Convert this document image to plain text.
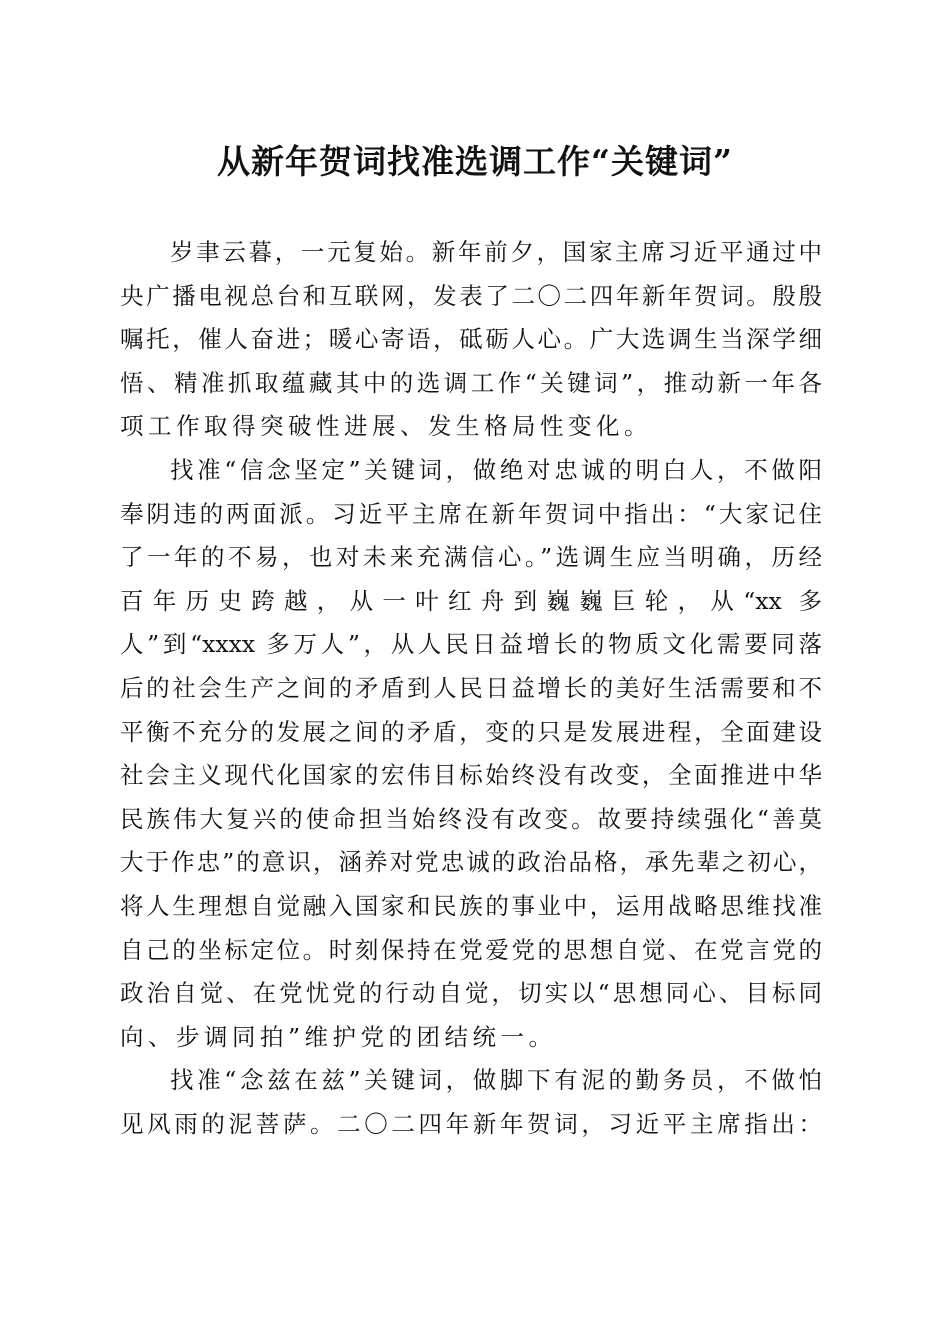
从新年贺词找准选调工作“关键词”
岁聿云暮，一元复始。新年前夕，国家主席习近平通过中
央广播电视总台和互联网，发表了二〇二四年新年贺词。殷殷
嘱托，催人奋进；暖心寄语，砥砺人心。广大选调生当深学细
悟、精准抓取蕴藏其中的选调工作“关键词”，推动新一年各
项工作取得突破性进展、发生格局性变化。
找准“信念坚定”关键词，做绝对忠诚的明白人，不做阳
奉阴违的两面派。习近平主席在新年贺词中指出：“大家记住
了一年的不易，也对未来充满信心。”选调生应当明确，历经
百年历史跨越，从一叶红舟到巍巍巨轮，从“xx 多
人”到“xxxx 多万人”，从人民日益增长的物质文化需要同落
后的社会生产之间的矛盾到人民日益增长的美好生活需要和不
平衡不充分的发展之间的矛盾，变的只是发展进程，全面建设
社会主义现代化国家的宏伟目标始终没有改变，全面推进中华
民族伟大复兴的使命担当始终没有改变。故要持续强化“善莫
大于作忠”的意识，涵养对党忠诚的政治品格，承先辈之初心，
将人生理想自觉融入国家和民族的事业中，运用战略思维找准
自己的坐标定位。时刻保持在党爱党的思想自觉、在党言党的
政治自觉、在党忧党的行动自觉，切实以“思想同心、目标同
向、步调同拍”维护党的团结统一。
找准“念兹在兹”关键词，做脚下有泥的勤务员，不做怕
见风雨的泥菩萨。二〇二四年新年贺词，习近平主席指出：
